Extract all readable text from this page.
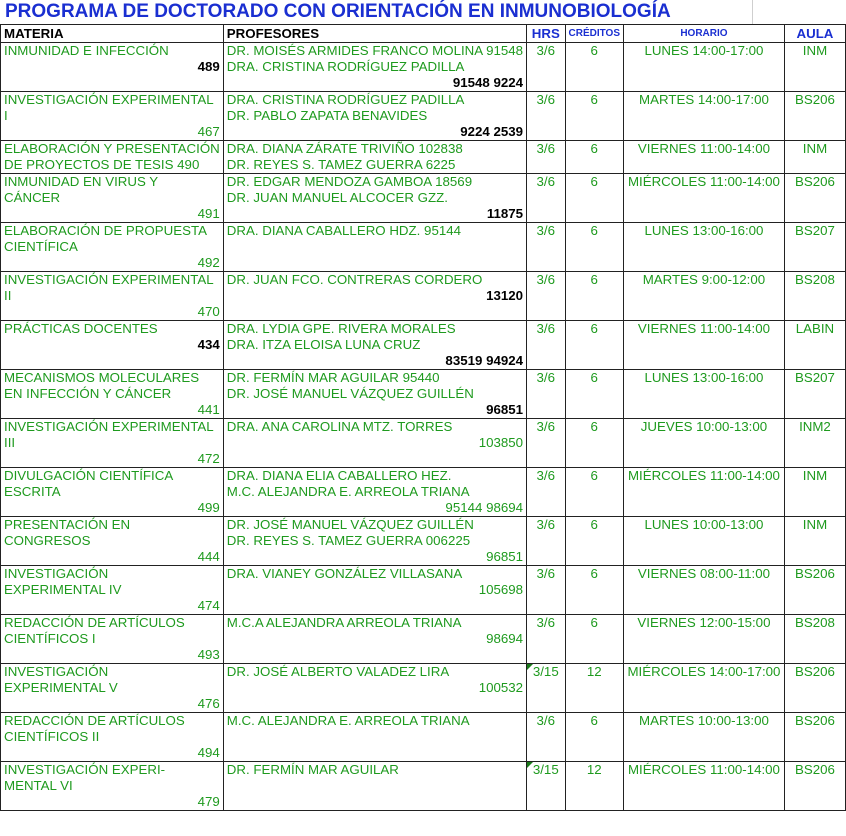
PROGRAMA DE DOCTORADO CON ORIENTACIÓN EN INMUNOBIOLOGÍA
MATERIA	PROFESORES	HRS	CRÉDITOS	HORARIO	AULA
INMUNIDAD E INFECCIÓN	DR. MOISÉS ARMIDES FRANCO MOLINA 91548	3/6	6	LUNES 14:00-17:00	INM
489	DRA. CRISTINA RODRÍGUEZ PADILLA				
	91548 9224				
INVESTIGACIÓN EXPERIMENTAL	DRA. CRISTINA RODRÍGUEZ PADILLA	3/6	6	MARTES 14:00-17:00	BS206
I	DR. PABLO ZAPATA BENAVIDES				
467	9224 2539				
ELABORACIÓN Y PRESENTACIÓN	DRA. DIANA ZÁRATE TRIVIÑO 102838	3/6	6	VIERNES 11:00-14:00	INM
DE PROYECTOS DE TESIS 490	DR. REYES S. TAMEZ GUERRA 6225				
INMUNIDAD EN VIRUS Y	DR. EDGAR MENDOZA GAMBOA 18569	3/6	6	MIÉRCOLES 11:00-14:00	BS206
CÁNCER	DR. JUAN MANUEL ALCOCER GZZ.				
491	11875				
ELABORACIÓN DE PROPUESTA	DRA. DIANA CABALLERO HDZ. 95144	3/6	6	LUNES 13:00-16:00	BS207
CIENTÍFICA					
492					
INVESTIGACIÓN EXPERIMENTAL	DR. JUAN FCO. CONTRERAS CORDERO	3/6	6	MARTES 9:00-12:00	BS208
II	13120				
470					
PRÁCTICAS DOCENTES	DRA. LYDIA GPE. RIVERA MORALES	3/6	6	VIERNES 11:00-14:00	LABIN
434	DRA. ITZA ELOISA LUNA CRUZ				
	83519 94924				
MECANISMOS MOLECULARES	DR. FERMÍN MAR AGUILAR 95440	3/6	6	LUNES 13:00-16:00	BS207
EN INFECCIÓN Y CÁNCER	DR. JOSÉ MANUEL VÁZQUEZ GUILLÉN				
441	96851				
INVESTIGACIÓN EXPERIMENTAL	DRA. ANA CAROLINA MTZ. TORRES	3/6	6	JUEVES 10:00-13:00	INM2
III	103850				
472					
DIVULGACIÓN CIENTÍFICA	DRA. DIANA ELIA CABALLERO HEZ.	3/6	6	MIÉRCOLES 11:00-14:00	INM
ESCRITA	M.C. ALEJANDRA E. ARREOLA TRIANA				
499	95144 98694				
PRESENTACIÓN EN	DR. JOSÉ MANUEL VÁZQUEZ GUILLÉN	3/6	6	LUNES 10:00-13:00	INM
CONGRESOS	DR. REYES S. TAMEZ GUERRA 006225				
444	96851				
INVESTIGACIÓN	DRA. VIANEY GONZÁLEZ VILLASANA	3/6	6	VIERNES 08:00-11:00	BS206
EXPERIMENTAL IV	105698				
474					
REDACCIÓN DE ARTÍCULOS	M.C.A ALEJANDRA ARREOLA TRIANA	3/6	6	VIERNES 12:00-15:00	BS208
CIENTÍFICOS I	98694				
493					
INVESTIGACIÓN	DR. JOSÉ ALBERTO VALADEZ LIRA	3/15	12	MIÉRCOLES 14:00-17:00	BS206
EXPERIMENTAL V	100532				
476					
REDACCIÓN DE ARTÍCULOS	M.C. ALEJANDRA E. ARREOLA TRIANA	3/6	6	MARTES 10:00-13:00	BS206
CIENTÍFICOS II					
494					
INVESTIGACIÓN EXPERI-	DR. FERMÍN MAR AGUILAR	3/15	12	MIÉRCOLES 11:00-14:00	BS206
MENTAL VI					
479					
